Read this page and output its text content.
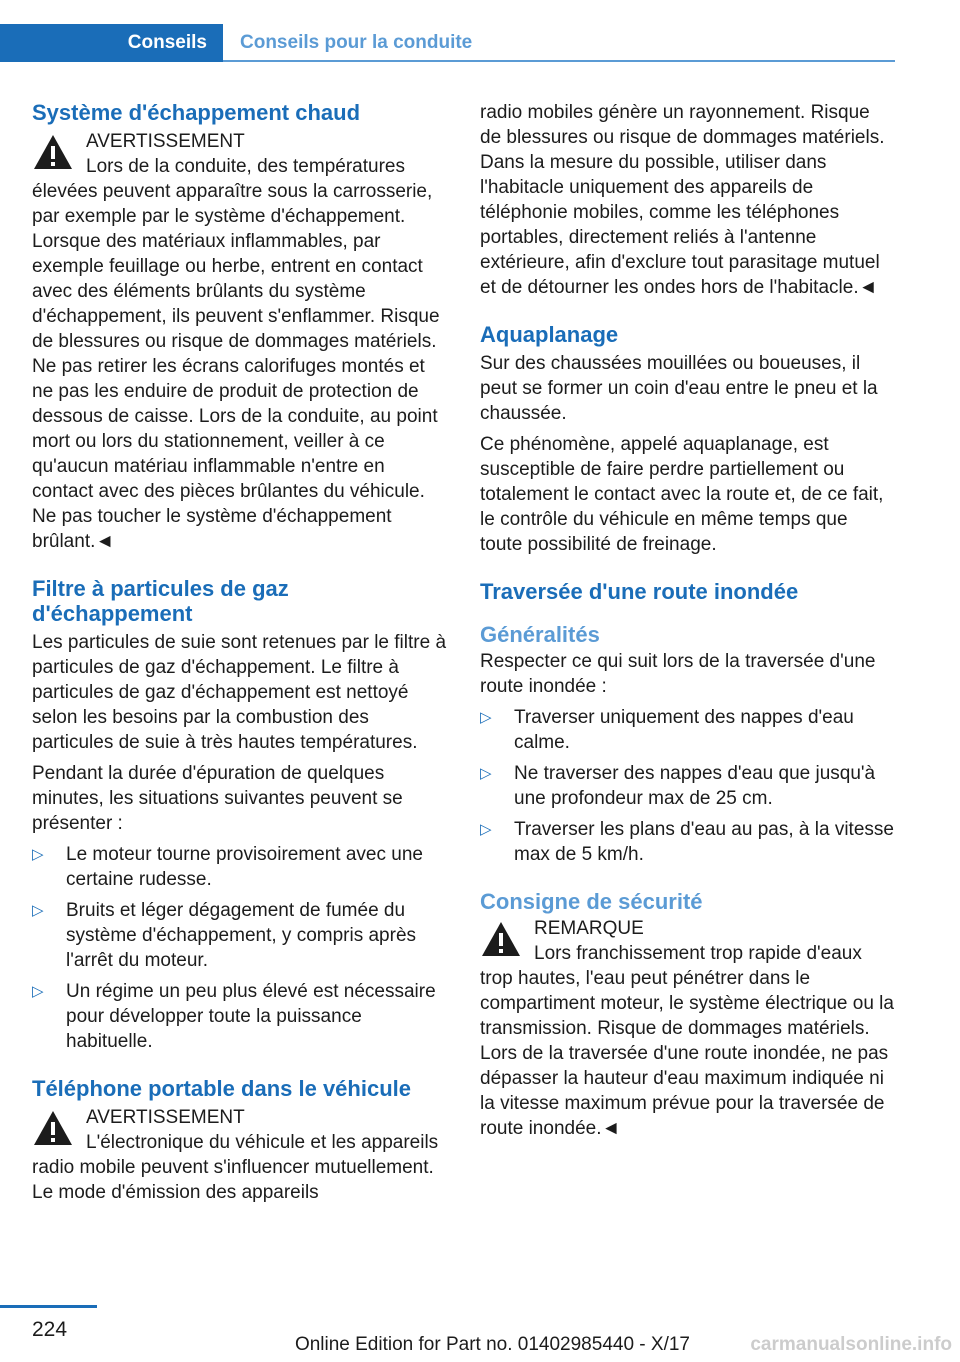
Conseils	Conseils pour la conduite
Système d'échappement chaud
AVERTISSEMENT
Lors de la conduite, des températures élevées peuvent apparaître sous la carrosserie, par exemple par le système d'échappement. Lorsque des matériaux inflammables, par exemple feuillage ou herbe, entrent en contact avec des éléments brûlants du système d'échappement, ils peuvent s'enflammer. Risque de blessures ou risque de dommages matériels. Ne pas retirer les écrans calorifuges montés et ne pas les enduire de produit de protection de dessous de caisse. Lors de la conduite, au point mort ou lors du stationnement, veiller à ce qu'aucun matériau inflammable n'entre en contact avec des pièces brûlantes du véhicule. Ne pas toucher le système d'échappement brûlant.◄
Filtre à particules de gaz d'échappement

Les particules de suie sont retenues par le filtre à particules de gaz d'échappement. Le filtre à particules de gaz d'échappement est nettoyé selon les besoins par la combustion des particules de suie à très hautes températures.

Pendant la durée d'épuration de quelques minutes, les situations suivantes peuvent se présenter :

▷ Le moteur tourne provisoirement avec une certaine rudesse.
▷ Bruits et léger dégagement de fumée du système d'échappement, y compris après l'arrêt du moteur.
▷ Un régime un peu plus élevé est nécessaire pour développer toute la puissance habituelle.
Téléphone portable dans le véhicule
AVERTISSEMENT
L'électronique du véhicule et les appareils radio mobile peuvent s'influencer mutuellement. Le mode d'émission des appareils

radio mobiles génère un rayonnement. Risque de blessures ou risque de dommages matériels. Dans la mesure du possible, utiliser dans l'habitacle uniquement des appareils de téléphonie mobiles, comme les téléphones portables, directement reliés à l'antenne extérieure, afin d'exclure tout parasitage mutuel et de détourner les ondes hors de l'habitacle.◄

Aquaplanage

Sur des chaussées mouillées ou boueuses, il peut se former un coin d'eau entre le pneu et la chaussée.

Ce phénomène, appelé aquaplanage, est susceptible de faire perdre partiellement ou totalement le contact avec la route et, de ce fait, le contrôle du véhicule en même temps que toute possibilité de freinage.

Traversée d'une route inondée
Généralités

Respecter ce qui suit lors de la traversée d'une route inondée :

▷ Traverser uniquement des nappes d'eau calme.
▷ Ne traverser des nappes d'eau que jusqu'à une profondeur max de 25 cm.
▷ Traverser les plans d'eau au pas, à la vitesse max de 5 km/h.
Consigne de sécurité
REMARQUE
Lors franchissement trop rapide d'eaux trop hautes, l'eau peut pénétrer dans le compartiment moteur, le système électrique ou la transmission. Risque de dommages matériels. Lors de la traversée d'une route inondée, ne pas dépasser la hauteur d'eau maximum indiquée ni la vitesse maximum prévue pour la traversée de route inondée.◄
224
Online Edition for Part no. 01402985440 - X/17	carmanualsonline.info
